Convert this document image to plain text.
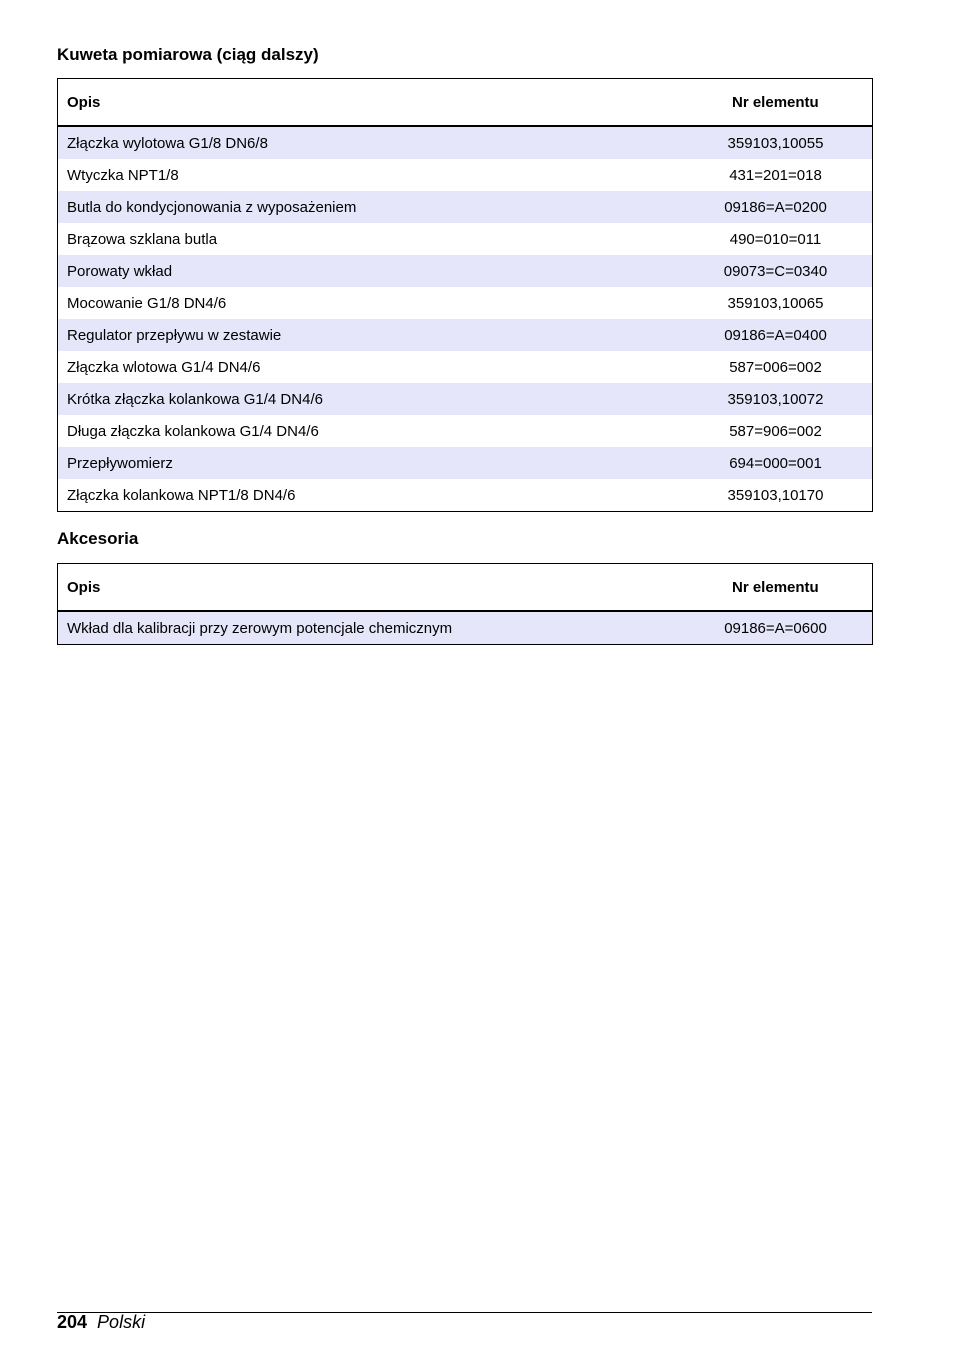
Kuweta pomiarowa (ciąg dalszy)
Opis	Nr elementu
Złączka wylotowa G1/8 DN6/8	359103,10055
Wtyczka NPT1/8	431=201=018
Butla do kondycjonowania z wyposażeniem	09186=A=0200
Brązowa szklana butla	490=010=011
Porowaty wkład	09073=C=0340
Mocowanie G1/8 DN4/6	359103,10065
Regulator przepływu w zestawie	09186=A=0400
Złączka wlotowa G1/4 DN4/6	587=006=002
Krótka złączka kolankowa G1/4 DN4/6	359103,10072
Długa złączka kolankowa G1/4 DN4/6	587=906=002
Przepływomierz	694=000=001
Złączka kolankowa NPT1/8 DN4/6	359103,10170
Akcesoria
Opis	Nr elementu
Wkład dla kalibracji przy zerowym potencjale chemicznym	09186=A=0600
204 Polski
